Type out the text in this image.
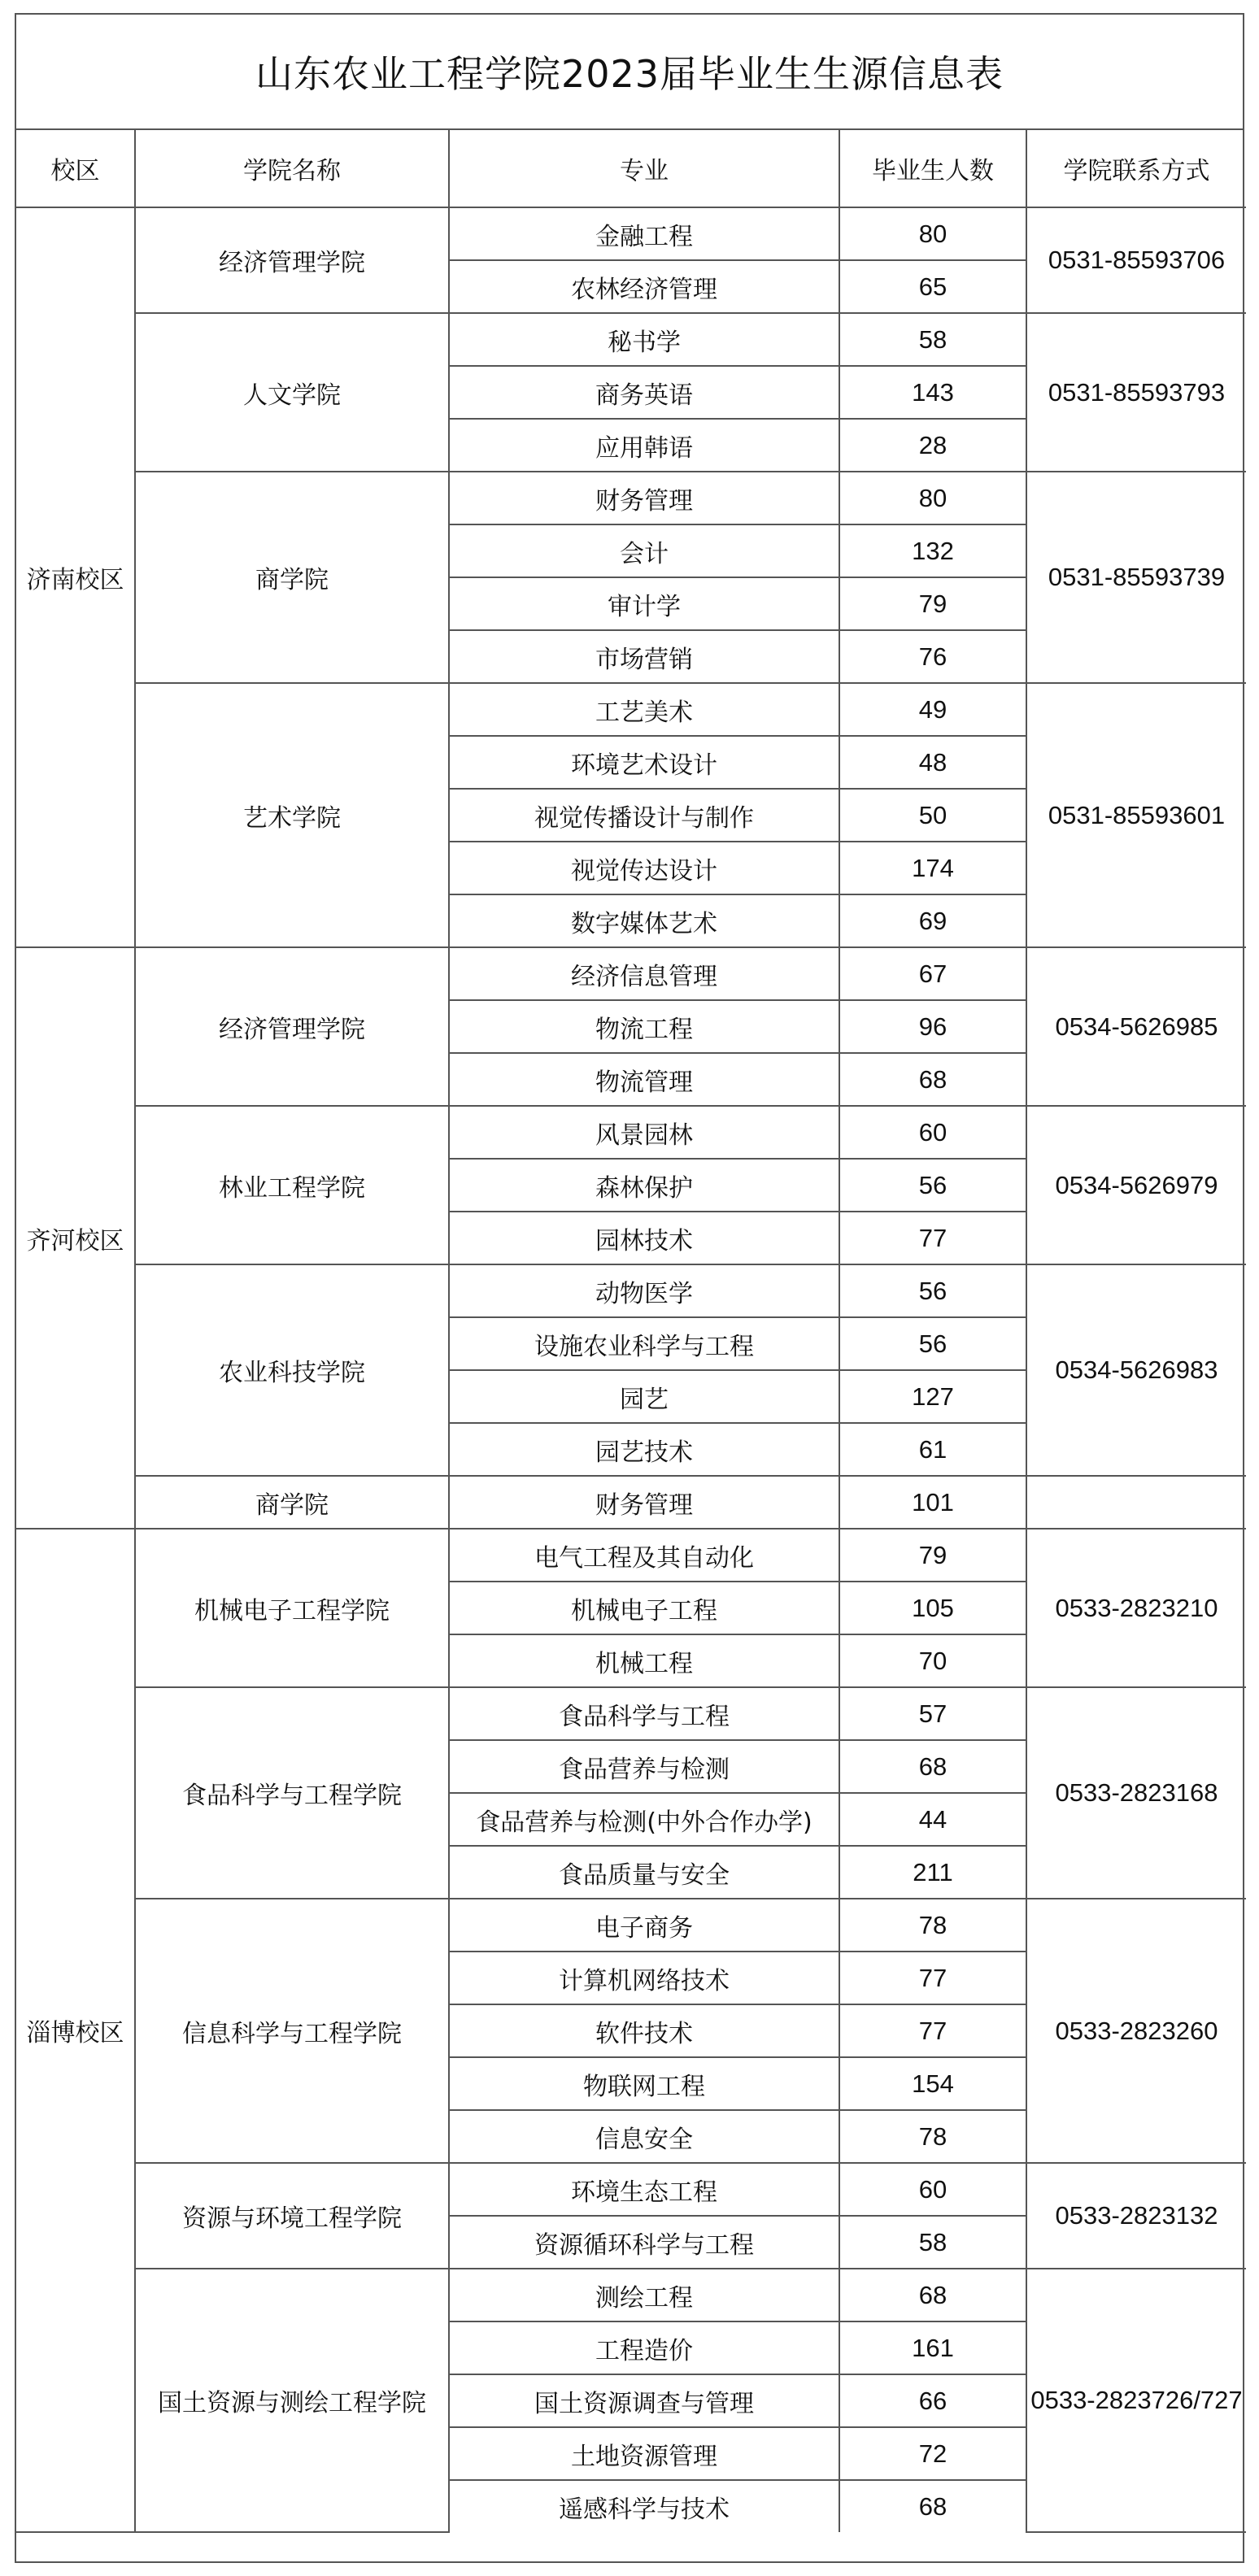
山东农业工程学院2023届毕业生生源信息表
校区	学院名称	专业	毕业生人数	学院联系方式
济南校区	经济管理学院	金融工程	80	0531-85593706
		农林经济管理	65	
	人文学院	秘书学	58	0531-85593793
		商务英语	143	
		应用韩语	28	
	商学院	财务管理	80	0531-85593739
		会计	132	
		审计学	79	
		市场营销	76	
	艺术学院	工艺美术	49	0531-85593601
		环境艺术设计	48	
		视觉传播设计与制作	50	
		视觉传达设计	174	
		数字媒体艺术	69	
齐河校区	经济管理学院	经济信息管理	67	0534-5626985
		物流工程	96	
		物流管理	68	
	林业工程学院	风景园林	60	0534-5626979
		森林保护	56	
		园林技术	77	
	农业科技学院	动物医学	56	0534-5626983
		设施农业科学与工程	56	
		园艺	127	
		园艺技术	61	
	商学院	财务管理	101	
淄博校区	机械电子工程学院	电气工程及其自动化	79	0533-2823210
		机械电子工程	105	
		机械工程	70	
	食品科学与工程学院	食品科学与工程	57	0533-2823168
		食品营养与检测	68	
		食品营养与检测(中外合作办学)	44	
		食品质量与安全	211	
	信息科学与工程学院	电子商务	78	0533-2823260
		计算机网络技术	77	
		软件技术	77	
		物联网工程	154	
		信息安全	78	
	资源与环境工程学院	环境生态工程	60	0533-2823132
		资源循环科学与工程	58	
	国土资源与测绘工程学院	测绘工程	68	0533-​2823726/727
		工程造价	161	
		国土资源调查与管理	66	
		土地资源管理	72	
		遥感科学与技术	68	
